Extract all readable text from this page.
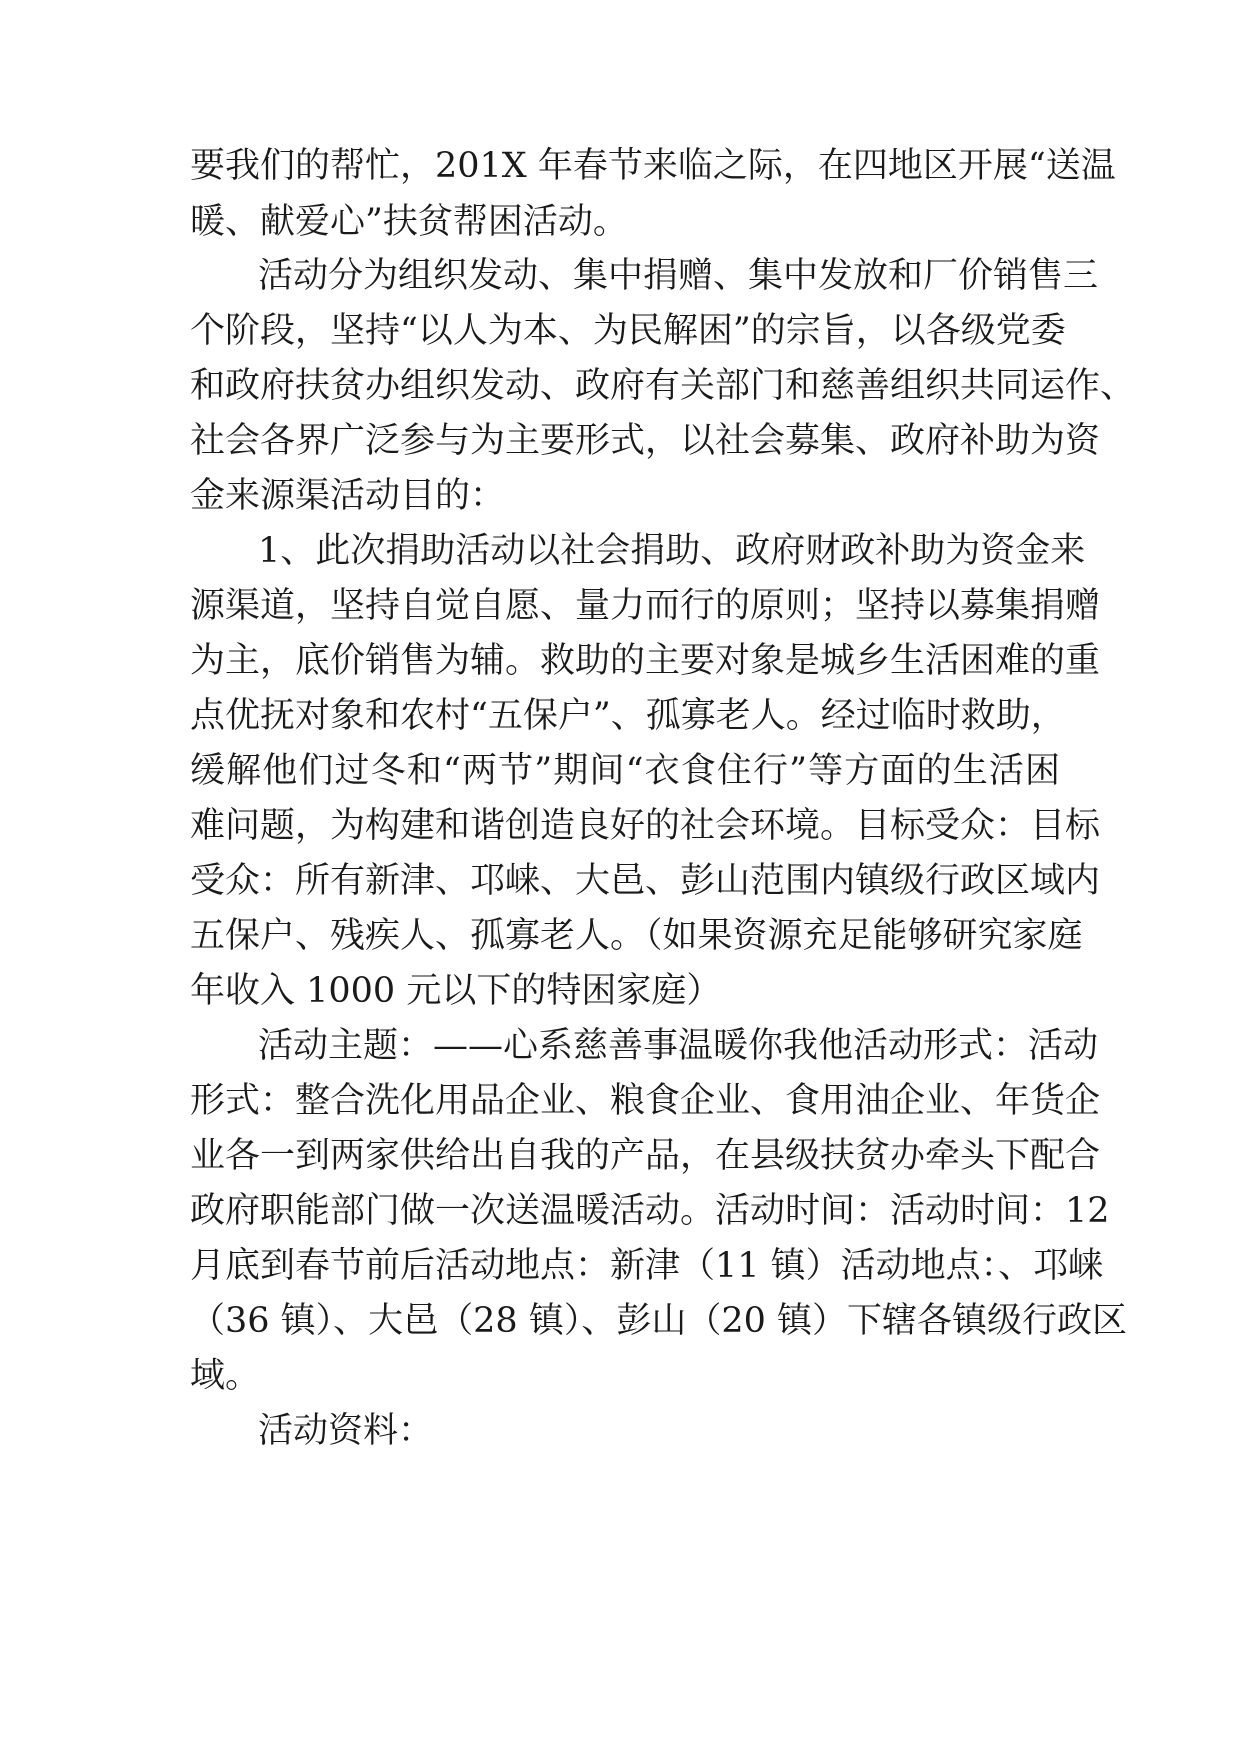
要我们的帮忙，201X 年春节来临之际，在四地区开展“送温
暖、献爱心”扶贫帮困活动。
活动分为组织发动、集中捐赠、集中发放和厂价销售三
个阶段，坚持“以人为本、为民解困”的宗旨，以各级党委
和政府扶贫办组织发动、政府有关部门和慈善组织共同运作、
社会各界广泛参与为主要形式，以社会募集、政府补助为资
金来源渠活动目的：
1、此次捐助活动以社会捐助、政府财政补助为资金来
源渠道，坚持自觉自愿、量力而行的原则；坚持以募集捐赠
为主，底价销售为辅。救助的主要对象是城乡生活困难的重
点优抚对象和农村“五保户”、孤寡老人。经过临时救助，
缓解他们过冬和“两节”期间“衣食住行”等方面的生活困
难问题，为构建和谐创造良好的社会环境。目标受众：目标
受众：所有新津、邛崃、大邑、彭山范围内镇级行政区域内
五保户、残疾人、孤寡老人。（如果资源充足能够研究家庭
年收入 1000 元以下的特困家庭）
活动主题：——心系慈善事温暖你我他活动形式：活动
形式：整合洗化用品企业、粮食企业、食用油企业、年货企
业各一到两家供给出自我的产品，在县级扶贫办牵头下配合
政府职能部门做一次送温暖活动。活动时间：活动时间：12
月底到春节前后活动地点：新津（11 镇）活动地点：、邛崃
（36 镇）、大邑（28 镇）、彭山（20 镇）下辖各镇级行政区
域。
活动资料：
